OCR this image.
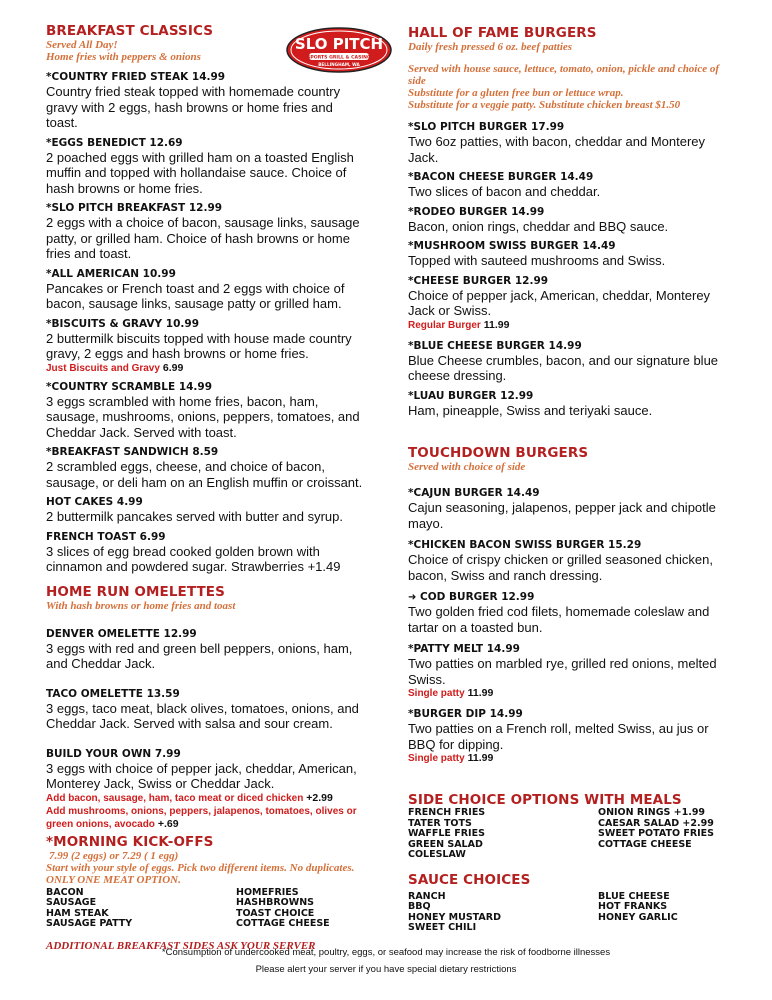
SLO PITCH
SPORTS GRILL & CASINO
BELLINGHAM, WA
BREAKFAST CLASSICS

Served All Day!

Home fries with peppers & onions

*COUNTRY FRIED STEAK 14.99
Country fried steak topped with homemade country gravy with 2 eggs, hash browns or home fries and toast.
*EGGS BENEDICT 12.69
2 poached eggs with grilled ham on a toasted English muffin and topped with hollandaise sauce. Choice of hash browns or home fries.
*SLO PITCH BREAKFAST 12.99
2 eggs with a choice of bacon, sausage links, sausage patty, or grilled ham. Choice of hash browns or home fries and toast.
*ALL AMERICAN 10.99
Pancakes or French toast and 2 eggs with choice of bacon, sausage links, sausage patty or grilled ham.
*BISCUITS & GRAVY 10.99
2 buttermilk biscuits topped with house made country gravy, 2 eggs and hash browns or home fries.
Just Biscuits and Gravy 6.99
*COUNTRY SCRAMBLE 14.99
3 eggs scrambled with home fries, bacon, ham, sausage, mushrooms, onions, peppers, tomatoes, and Cheddar Jack. Served with toast.
*BREAKFAST SANDWICH 8.59
2 scrambled eggs, cheese, and choice of bacon, sausage, or deli ham on an English muffin or croissant.
HOT CAKES 4.99
2 buttermilk pancakes served with butter and syrup.
FRENCH TOAST 6.99
3 slices of egg bread cooked golden brown with cinnamon and powdered sugar. Strawberries +1.49
HOME RUN OMELETTES

With hash browns or home fries and toast

DENVER OMELETTE 12.99
3 eggs with red and green bell peppers, onions, ham, and Cheddar Jack.
TACO OMELETTE 13.59
3 eggs, taco meat, black olives, tomatoes, onions, and Cheddar Jack. Served with salsa and sour cream.
BUILD YOUR OWN 7.99
3 eggs with choice of pepper jack, cheddar, American, Monterey Jack, Swiss or Cheddar Jack.
Add bacon, sausage, ham, taco meat or diced chicken +2.99
Add mushrooms, onions, peppers, jalapenos, tomatoes, olives or green onions, avocado +.69
*MORNING KICK-OFFS

7.99 (2 eggs) or 7.29 ( 1 egg)

Start with your style of eggs. Pick two different items. No duplicates. ONLY ONE MEAT OPTION.

BACON
SAUSAGE
HAM STEAK
SAUSAGE PATTY
HOMEFRIES
HASHBROWNS
TOAST CHOICE
COTTAGE CHEESE

ADDITIONAL BREAKFAST SIDES ASK YOUR SERVER

HALL OF FAME BURGERS

Daily fresh pressed 6 oz. beef patties

Served with house sauce, lettuce, tomato, onion, pickle and choice of side

Substitute for a gluten free bun or lettuce wrap.

Substitute for a veggie patty. Substitute chicken breast $1.50

*SLO PITCH BURGER 17.99
Two 6oz patties, with bacon, cheddar and Monterey Jack.
*BACON CHEESE BURGER 14.49
Two slices of bacon and cheddar.
*RODEO BURGER 14.99
Bacon, onion rings, cheddar and BBQ sauce.
*MUSHROOM SWISS BURGER 14.49
Topped with sauteed mushrooms and Swiss.
*CHEESE BURGER 12.99
Choice of pepper jack, American, cheddar, Monterey Jack or Swiss.
Regular Burger 11.99
*BLUE CHEESE BURGER 14.99
Blue Cheese crumbles, bacon, and our signature blue cheese dressing.
*LUAU BURGER 12.99
Ham, pineapple, Swiss and teriyaki sauce.
TOUCHDOWN BURGERS

Served with choice of side

*CAJUN BURGER 14.49
Cajun seasoning, jalapenos, pepper jack and chipotle mayo.
*CHICKEN BACON SWISS BURGER 15.29
Choice of crispy chicken or grilled seasoned chicken, bacon, Swiss and ranch dressing.
➜ COD BURGER 12.99
Two golden fried cod filets, homemade coleslaw and tartar on a toasted bun.
*PATTY MELT 14.99
Two patties on marbled rye, grilled red onions, melted Swiss.
Single patty 11.99
*BURGER DIP 14.99
Two patties on a French roll, melted Swiss, au jus or BBQ for dipping.
Single patty 11.99
SIDE CHOICE OPTIONS WITH MEALS
FRENCH FRIES
TATER TOTS
WAFFLE FRIES
GREEN SALAD
COLESLAW
ONION RINGS +1.99
CAESAR SALAD +2.99
SWEET POTATO FRIES
COTTAGE CHEESE
SAUCE CHOICES
RANCH
BBQ
HONEY MUSTARD
SWEET CHILI
BLUE CHEESE
HOT FRANKS
HONEY GARLIC
*Consumption of undercooked meat, poultry, eggs, or seafood may increase the risk of foodborne illnesses
Please alert your server if you have special dietary restrictions
